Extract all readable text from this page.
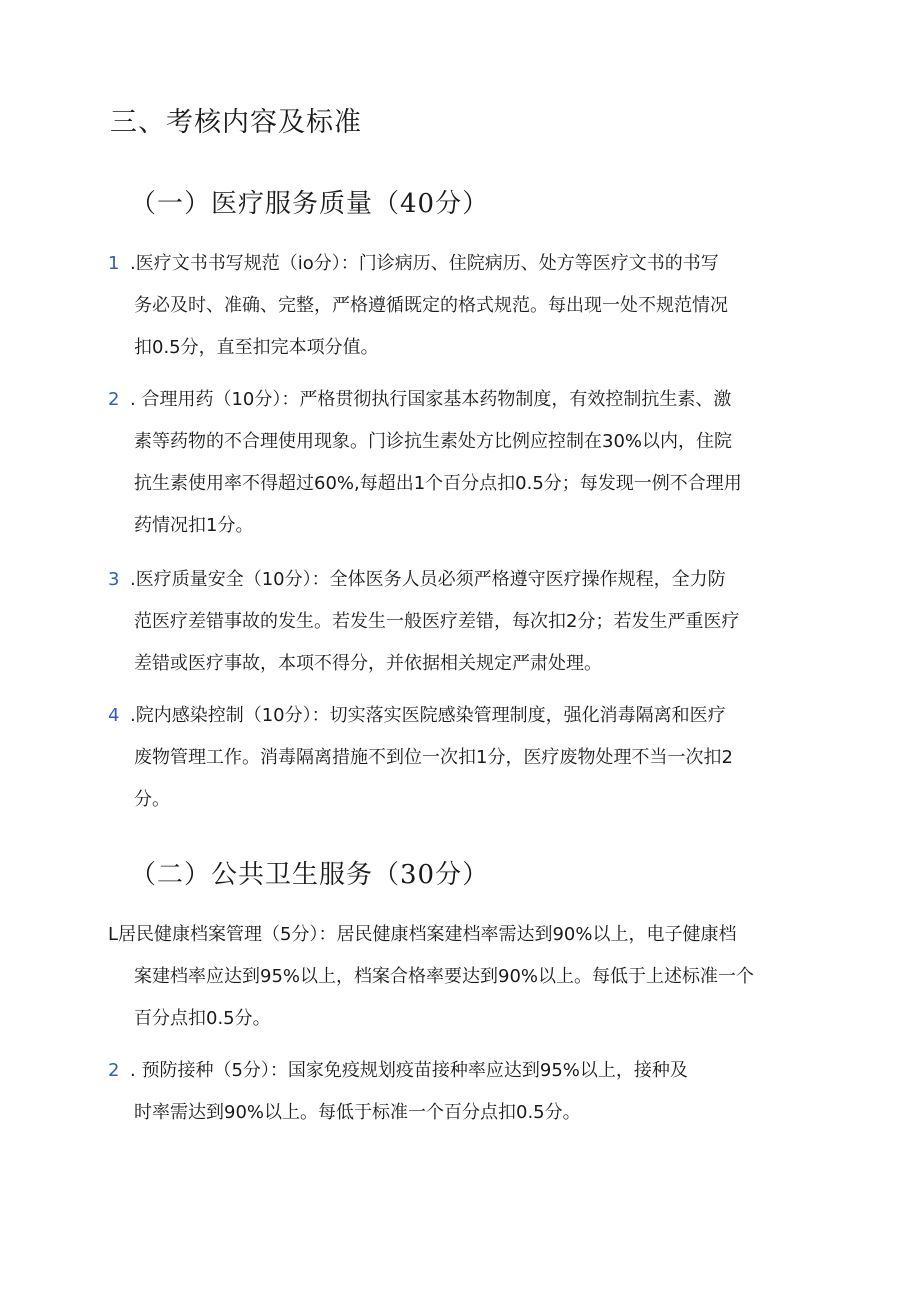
三、考核内容及标准
（一）医疗服务质量（40分）
1 .医疗文书书写规范（io分）：门诊病历、住院病历、处方等医疗文书的书写
务必及时、准确、完整，严格遵循既定的格式规范。每出现一处不规范情况
扣0.5分，直至扣完本项分值。
2 . 合理用药（10分）：严格贯彻执行国家基本药物制度，有效控制抗生素、激
素等药物的不合理使用现象。门诊抗生素处方比例应控制在30%以内，住院
抗生素使用率不得超过60%,每超出1个百分点扣0.5分；每发现一例不合理用
药情况扣1分。
3 .医疗质量安全（10分）：全体医务人员必须严格遵守医疗操作规程，全力防
范医疗差错事故的发生。若发生一般医疗差错，每次扣2分；若发生严重医疗
差错或医疗事故，本项不得分，并依据相关规定严肃处理。
4 .院内感染控制（10分）：切实落实医院感染管理制度，强化消毒隔离和医疗
废物管理工作。消毒隔离措施不到位一次扣1分，医疗废物处理不当一次扣2
分。
（二）公共卫生服务（30分）
L居民健康档案管理（5分）：居民健康档案建档率需达到90%以上，电子健康档
案建档率应达到95%以上，档案合格率要达到90%以上。每低于上述标准一个
百分点扣0.5分。
2 . 预防接种（5分）：国家免疫规划疫苗接种率应达到95%以上，接种及
时率需达到90%以上。每低于标准一个百分点扣0.5分。
